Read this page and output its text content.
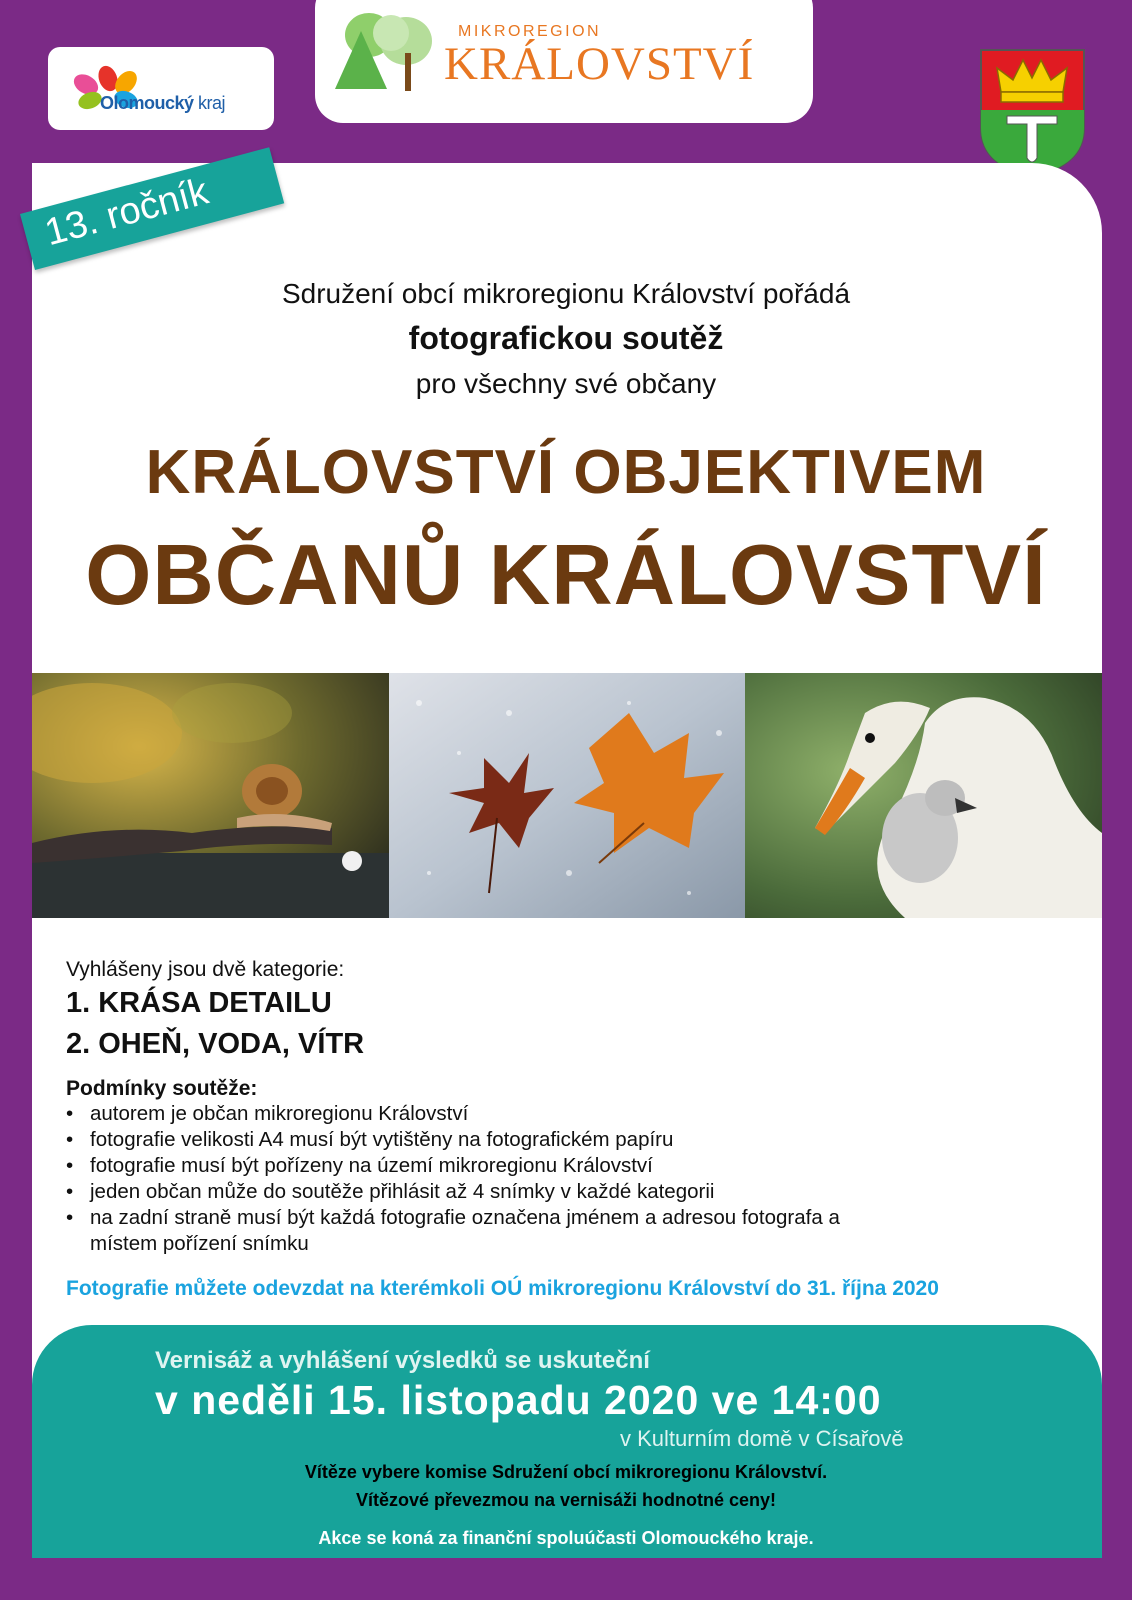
Olomoucký kraj
MIKROREGION
KRÁLOVSTVÍ
13. ročník
Sdružení obcí mikroregionu Království pořádá
fotografickou soutěž
pro všechny své občany
KRÁLOVSTVÍ OBJEKTIVEM
OBČANŮ KRÁLOVSTVÍ
Vyhlášeny jsou dvě kategorie:
1. KRÁSA DETAILU
2. OHEŇ, VODA, VÍTR
Podmínky soutěže:
• autorem je občan mikroregionu Království
• fotografie velikosti A4 musí být vytištěny na fotografickém papíru
• fotografie musí být pořízeny na území mikroregionu Království
• jeden občan může do soutěže přihlásit až 4 snímky v každé kategorii
• na zadní straně musí být každá fotografie označena jménem a adresou fotografa a místem pořízení snímku
Fotografie můžete odevzdat na kterémkoli OÚ mikroregionu Království do 31. října 2020
Vernisáž a vyhlášení výsledků se uskuteční
v neděli 15. listopadu 2020 ve 14:00
v Kulturním domě v Císařově
Vítěze vybere komise Sdružení obcí mikroregionu Království.
Vítězové převezmou na vernisáži hodnotné ceny!
Akce se koná za finanční spoluúčasti Olomouckého kraje.
